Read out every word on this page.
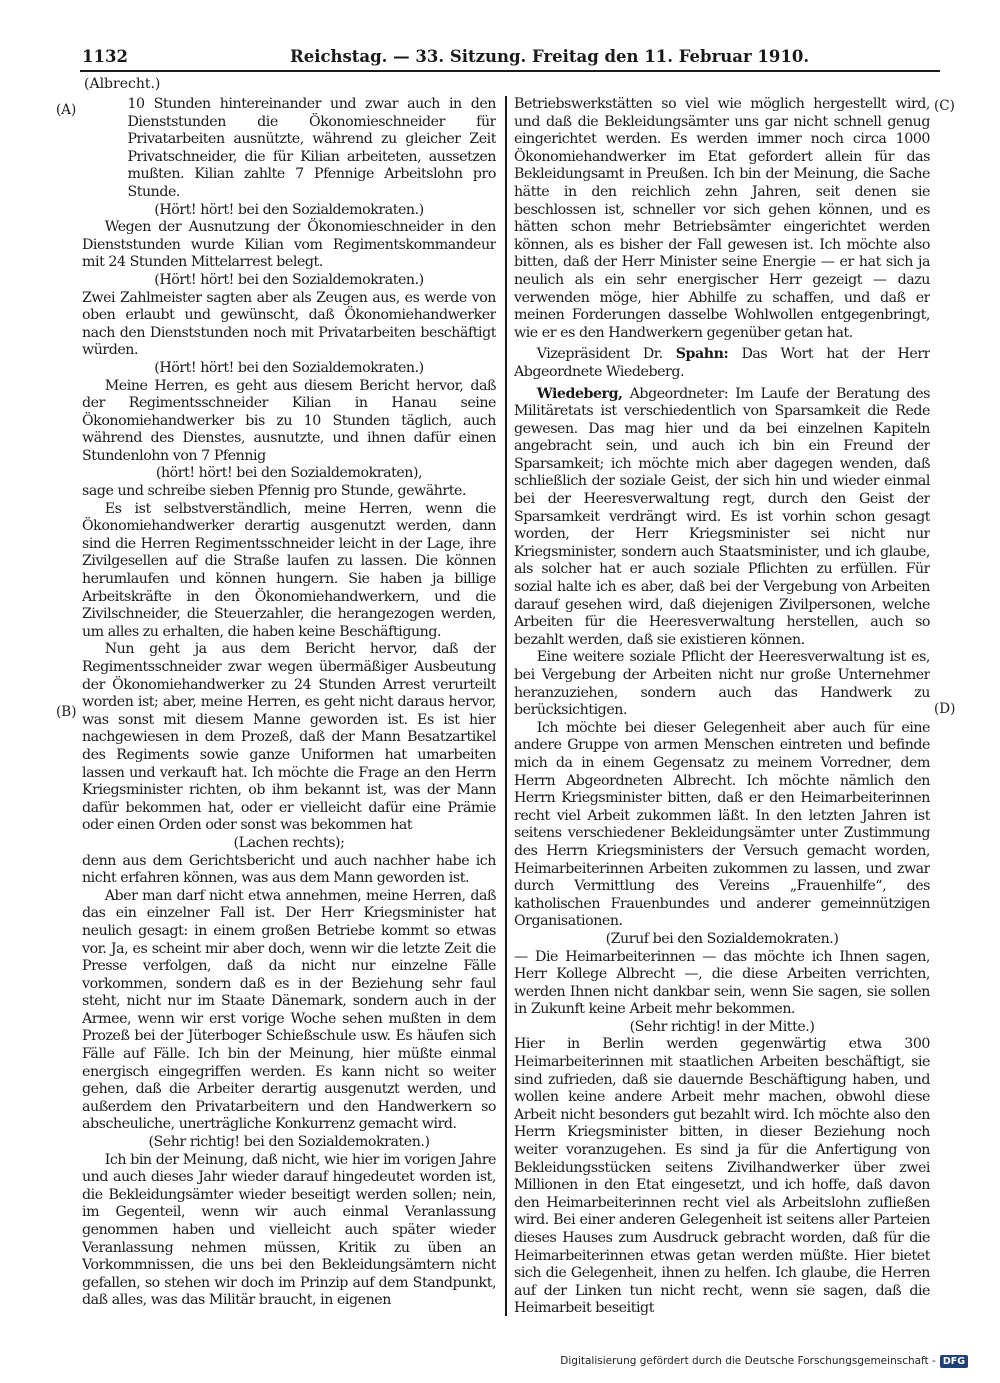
1132	Reichstag. — 33. Sitzung. Freitag den 11. Februar 1910.
(Albrecht.)
(A)
(B)
(C)
(D)

10 Stunden hintereinander und zwar auch in den Dienststunden die Ökonomieschneider für Privatarbeiten ausnützte, während zu gleicher Zeit Privatschneider, die für Kilian arbeiteten, aussetzen mußten. Kilian zahlte 7 Pfennige Arbeitslohn pro Stunde.

(Hört! hört! bei den Sozialdemokraten.)

Wegen der Ausnutzung der Ökonomieschneider in den Dienststunden wurde Kilian vom Regimentskommandeur mit 24 Stunden Mittelarrest belegt.

(Hört! hört! bei den Sozialdemokraten.)

Zwei Zahlmeister sagten aber als Zeugen aus, es werde von oben erlaubt und gewünscht, daß Ökonomiehandwerker nach den Dienststunden noch mit Privatarbeiten beschäftigt würden.

(Hört! hört! bei den Sozialdemokraten.)

Meine Herren, es geht aus diesem Bericht hervor, daß der Regimentsschneider Kilian in Hanau seine Ökonomiehandwerker bis zu 10 Stunden täglich, auch während des Dienstes, ausnutzte, und ihnen dafür einen Stundenlohn von 7 Pfennig

(hört! hört! bei den Sozialdemokraten),

sage und schreibe sieben Pfennig pro Stunde, gewährte.

Es ist selbstverständlich, meine Herren, wenn die Ökonomiehandwerker derartig ausgenutzt werden, dann sind die Herren Regimentsschneider leicht in der Lage, ihre Zivilgesellen auf die Straße laufen zu lassen. Die können herumlaufen und können hungern. Sie haben ja billige Arbeitskräfte in den Ökonomiehandwerkern, und die Zivilschneider, die Steuerzahler, die herangezogen werden, um alles zu erhalten, die haben keine Beschäftigung.

Nun geht ja aus dem Bericht hervor, daß der Regimentsschneider zwar wegen übermäßiger Ausbeutung der Ökonomiehandwerker zu 24 Stunden Arrest verurteilt worden ist; aber, meine Herren, es geht nicht daraus hervor, was sonst mit diesem Manne geworden ist. Es ist hier nachgewiesen in dem Prozeß, daß der Mann Besatzartikel des Regiments sowie ganze Uniformen hat umarbeiten lassen und verkauft hat. Ich möchte die Frage an den Herrn Kriegsminister richten, ob ihm bekannt ist, was der Mann dafür bekommen hat, oder er vielleicht dafür eine Prämie oder einen Orden oder sonst was bekommen hat

(Lachen rechts);

denn aus dem Gerichtsbericht und auch nachher habe ich nicht erfahren können, was aus dem Mann geworden ist.

Aber man darf nicht etwa annehmen, meine Herren, daß das ein einzelner Fall ist. Der Herr Kriegsminister hat neulich gesagt: in einem großen Betriebe kommt so etwas vor. Ja, es scheint mir aber doch, wenn wir die letzte Zeit die Presse verfolgen, daß da nicht nur einzelne Fälle vorkommen, sondern daß es in der Beziehung sehr faul steht, nicht nur im Staate Dänemark, sondern auch in der Armee, wenn wir erst vorige Woche sehen mußten in dem Prozeß bei der Jüterboger Schießschule usw. Es häufen sich Fälle auf Fälle. Ich bin der Meinung, hier müßte einmal energisch eingegriffen werden. Es kann nicht so weiter gehen, daß die Arbeiter derartig ausgenutzt werden, und außerdem den Privatarbeitern und den Handwerkern so abscheuliche, unerträgliche Konkurrenz gemacht wird.

(Sehr richtig! bei den Sozialdemokraten.)

Ich bin der Meinung, daß nicht, wie hier im vorigen Jahre und auch dieses Jahr wieder darauf hingedeutet worden ist, die Bekleidungsämter wieder beseitigt werden sollen; nein, im Gegenteil, wenn wir auch einmal Veranlassung genommen haben und vielleicht auch später wieder Veranlassung nehmen müssen, Kritik zu üben an Vorkommnissen, die uns bei den Bekleidungsämtern nicht gefallen, so stehen wir doch im Prinzip auf dem Standpunkt, daß alles, was das Militär braucht, in eigenen

Betriebswerkstätten so viel wie möglich hergestellt wird, und daß die Bekleidungsämter uns gar nicht schnell genug eingerichtet werden. Es werden immer noch circa 1000 Ökonomiehandwerker im Etat gefordert allein für das Bekleidungsamt in Preußen. Ich bin der Meinung, die Sache hätte in den reichlich zehn Jahren, seit denen sie beschlossen ist, schneller vor sich gehen können, und es hätten schon mehr Betriebsämter eingerichtet werden können, als es bisher der Fall gewesen ist. Ich möchte also bitten, daß der Herr Minister seine Energie — er hat sich ja neulich als ein sehr energischer Herr gezeigt — dazu verwenden möge, hier Abhilfe zu schaffen, und daß er meinen Forderungen dasselbe Wohlwollen entgegenbringt, wie er es den Handwerkern gegenüber getan hat.

Vizepräsident Dr. Spahn: Das Wort hat der Herr Abgeordnete Wiedeberg.

Wiedeberg, Abgeordneter: Im Laufe der Beratung des Militäretats ist verschiedentlich von Sparsamkeit die Rede gewesen. Das mag hier und da bei einzelnen Kapiteln angebracht sein, und auch ich bin ein Freund der Sparsamkeit; ich möchte mich aber dagegen wenden, daß schließlich der soziale Geist, der sich hin und wieder einmal bei der Heeresverwaltung regt, durch den Geist der Sparsamkeit verdrängt wird. Es ist vorhin schon gesagt worden, der Herr Kriegsminister sei nicht nur Kriegsminister, sondern auch Staatsminister, und ich glaube, als solcher hat er auch soziale Pflichten zu erfüllen. Für sozial halte ich es aber, daß bei der Vergebung von Arbeiten darauf gesehen wird, daß diejenigen Zivilpersonen, welche Arbeiten für die Heeresverwaltung herstellen, auch so bezahlt werden, daß sie existieren können.

Eine weitere soziale Pflicht der Heeresverwaltung ist es, bei Vergebung der Arbeiten nicht nur große Unternehmer heranzuziehen, sondern auch das Handwerk zu berücksichtigen.

Ich möchte bei dieser Gelegenheit aber auch für eine andere Gruppe von armen Menschen eintreten und befinde mich da in einem Gegensatz zu meinem Vorredner, dem Herrn Abgeordneten Albrecht. Ich möchte nämlich den Herrn Kriegsminister bitten, daß er den Heimarbeiterinnen recht viel Arbeit zukommen läßt. In den letzten Jahren ist seitens verschiedener Bekleidungsämter unter Zustimmung des Herrn Kriegsministers der Versuch gemacht worden, Heimarbeiterinnen Arbeiten zukommen zu lassen, und zwar durch Vermittlung des Vereins „Frauenhilfe“, des katholischen Frauenbundes und anderer gemeinnützigen Organisationen.

(Zuruf bei den Sozialdemokraten.)

— Die Heimarbeiterinnen — das möchte ich Ihnen sagen, Herr Kollege Albrecht —, die diese Arbeiten verrichten, werden Ihnen nicht dankbar sein, wenn Sie sagen, sie sollen in Zukunft keine Arbeit mehr bekommen.

(Sehr richtig! in der Mitte.)

Hier in Berlin werden gegenwärtig etwa 300 Heimarbeiterinnen mit staatlichen Arbeiten beschäftigt, sie sind zufrieden, daß sie dauernde Beschäftigung haben, und wollen keine andere Arbeit mehr machen, obwohl diese Arbeit nicht besonders gut bezahlt wird. Ich möchte also den Herrn Kriegsminister bitten, in dieser Beziehung noch weiter voranzugehen. Es sind ja für die Anfertigung von Bekleidungsstücken seitens Zivilhandwerker über zwei Millionen in den Etat eingesetzt, und ich hoffe, daß davon den Heimarbeiterinnen recht viel als Arbeitslohn zufließen wird. Bei einer anderen Gelegenheit ist seitens aller Parteien dieses Hauses zum Ausdruck gebracht worden, daß für die Heimarbeiterinnen etwas getan werden müßte. Hier bietet sich die Gelegenheit, ihnen zu helfen. Ich glaube, die Herren auf der Linken tun nicht recht, wenn sie sagen, daß die Heimarbeit beseitigt

Digitalisierung gefördert durch die Deutsche Forschungsgemeinschaft - DFG
